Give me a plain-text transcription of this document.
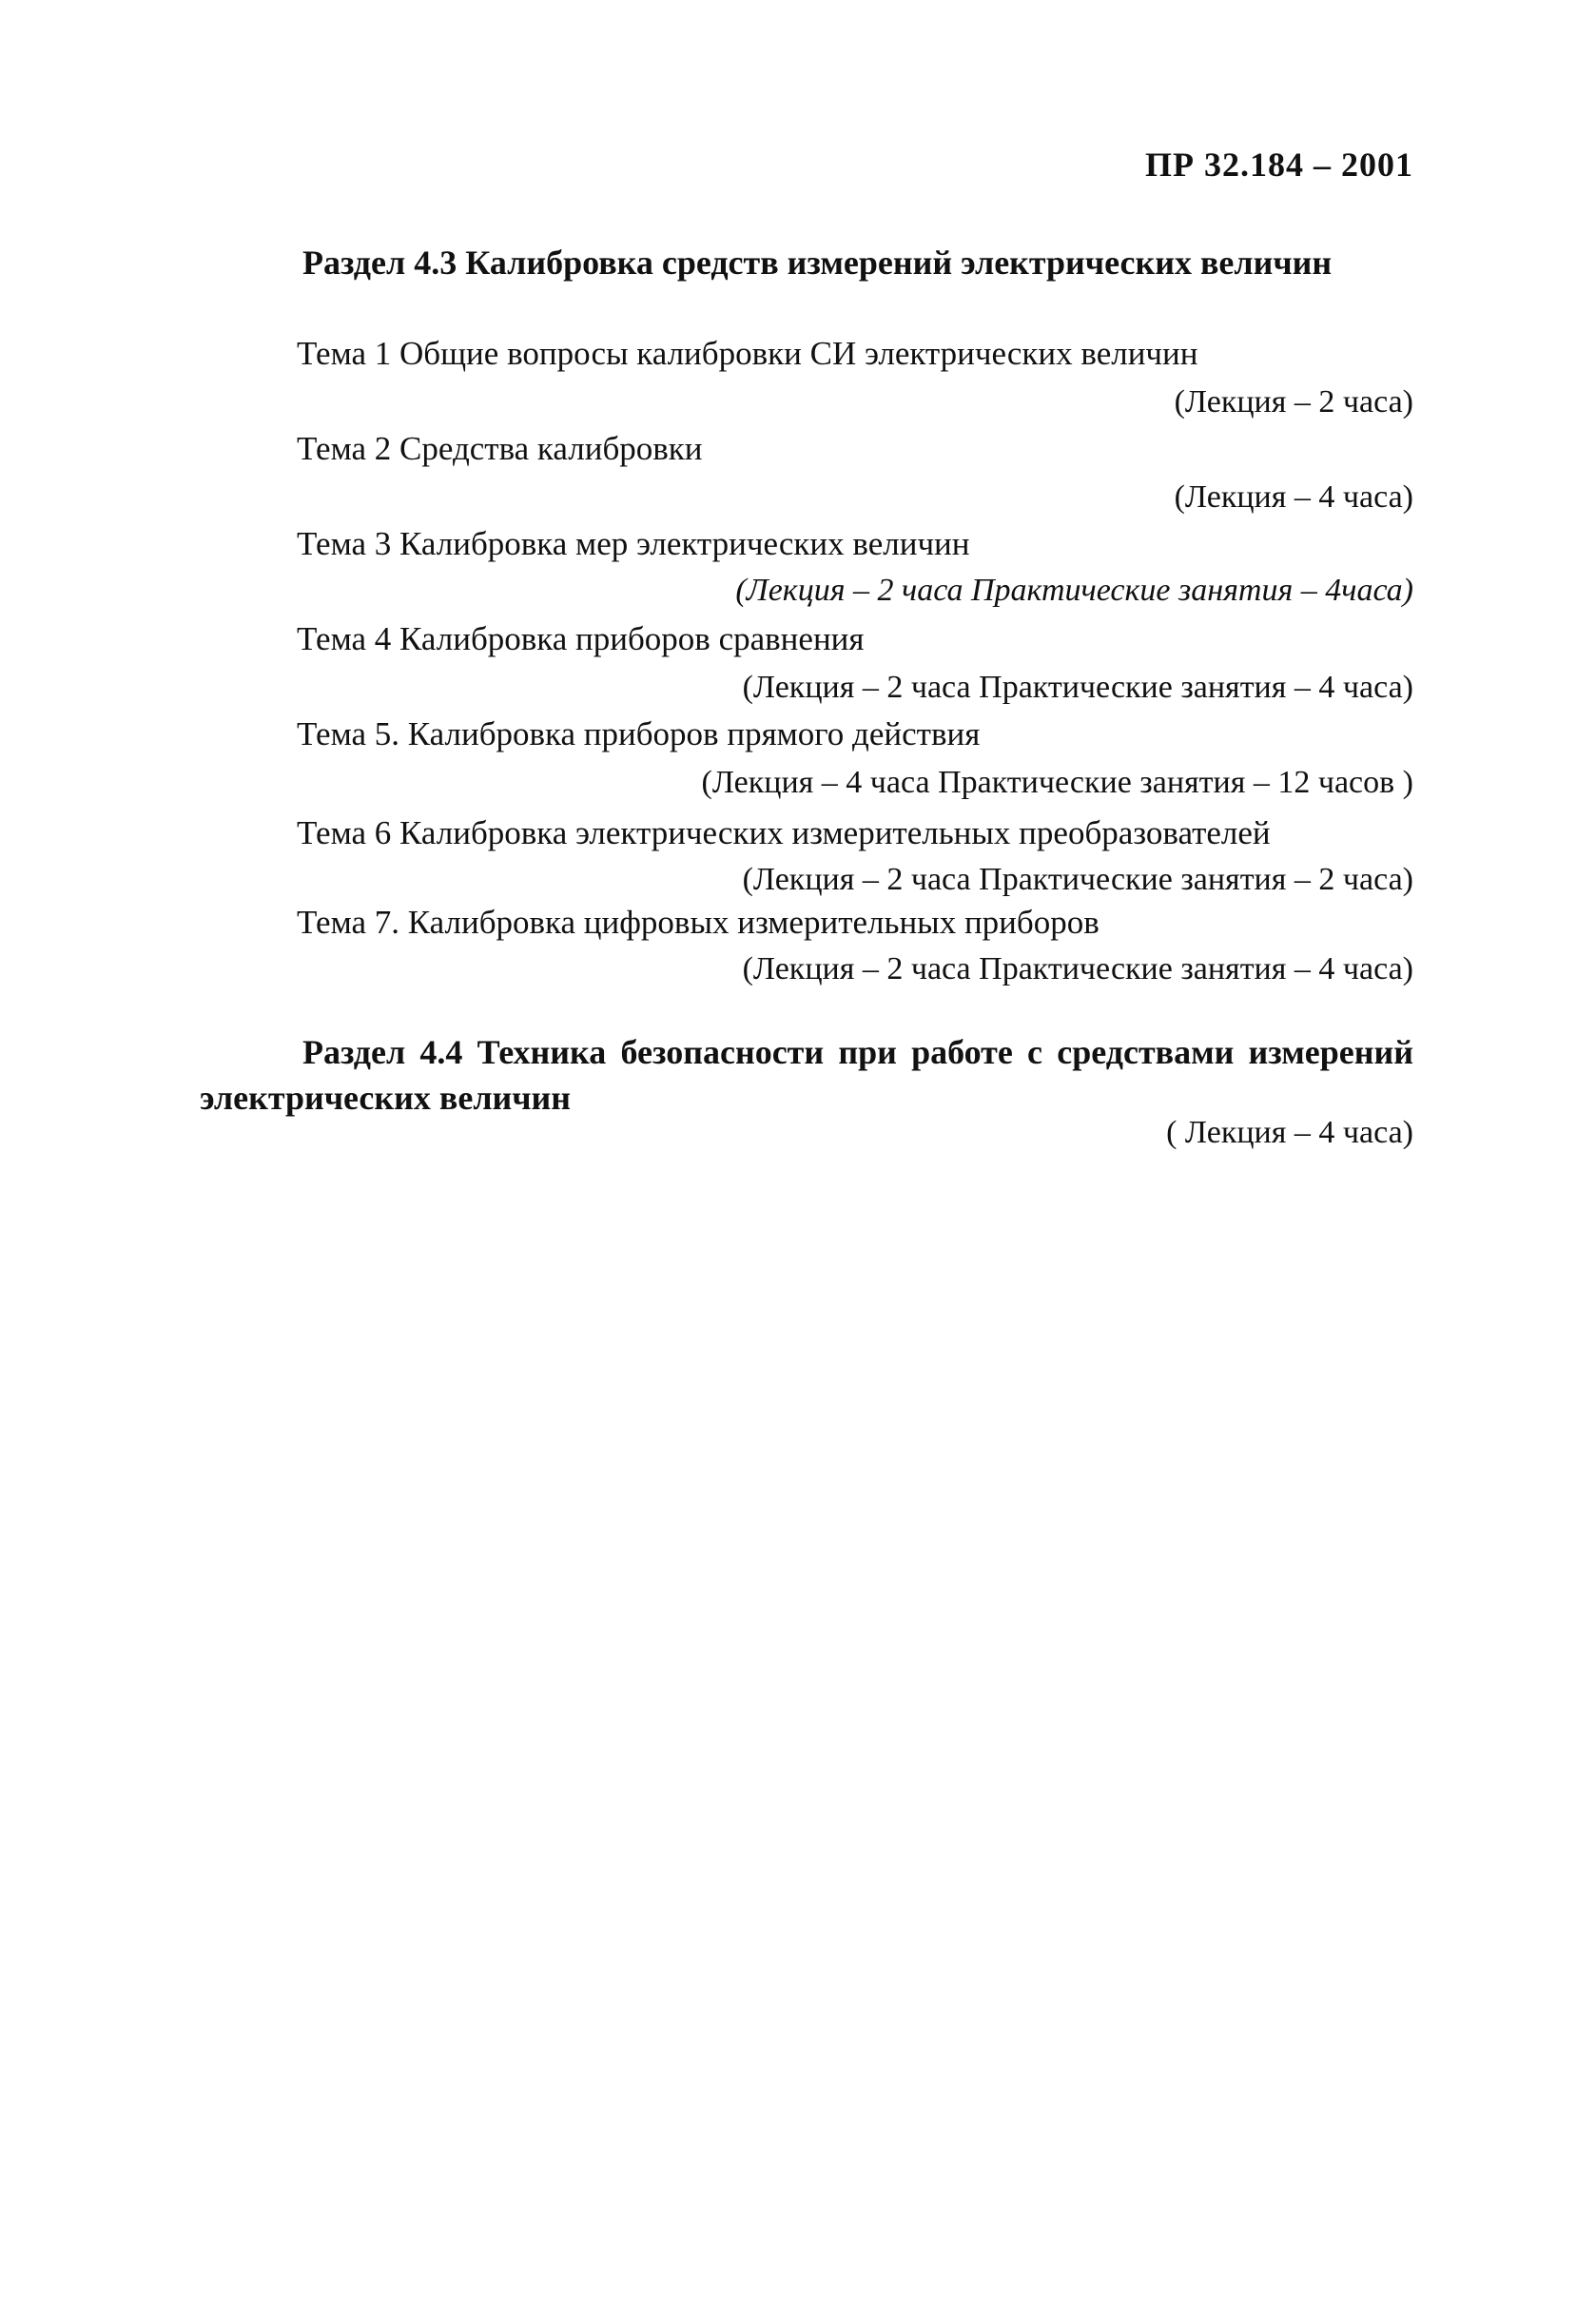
ПР 32.184 – 2001
Раздел 4.3 Калибровка средств измерений электрических величин
Тема 1 Общие вопросы калибровки СИ электрических величин
(Лекция – 2 часа)
Тема 2 Средства калибровки
(Лекция – 4 часа)
Тема 3 Калибровка мер электрических величин
(Лекция – 2 часа Практические занятия – 4часа)
Тема 4 Калибровка приборов сравнения
(Лекция – 2 часа Практические занятия – 4 часа)
Тема 5. Калибровка приборов прямого действия
(Лекция – 4 часа Практические занятия – 12 часов )
Тема 6 Калибровка электрических измерительных преобразователей
(Лекция – 2 часа Практические занятия – 2 часа)
Тема 7. Калибровка цифровых измерительных приборов
(Лекция – 2 часа Практические занятия – 4 часа)
Раздел 4.4 Техника безопасности при работе с средствами измерений электрических величин
( Лекция – 4 часа)
